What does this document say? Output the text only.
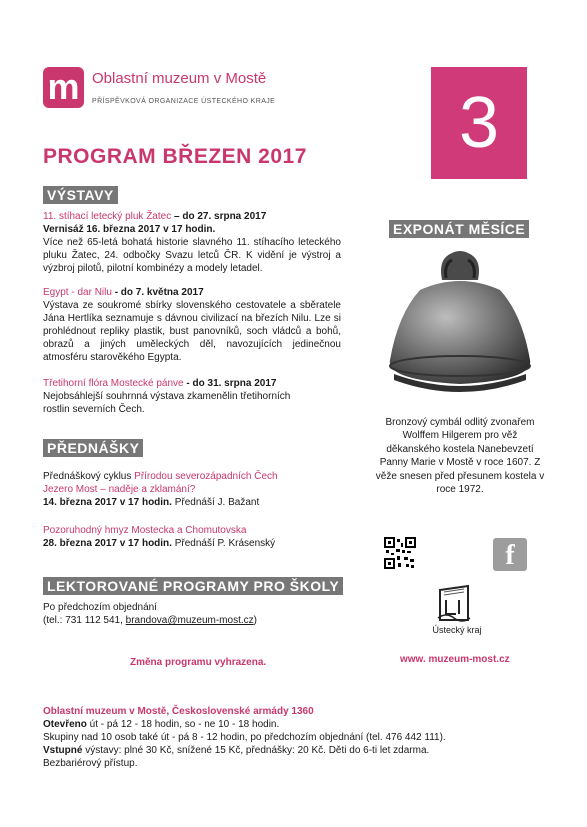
m Oblastní muzeum v Mostě
PŘÍSPĚVKOVÁ ORGANIZACE ÚSTECKÉHO KRAJE	3
PROGRAM BŘEZEN 2017
VÝSTAVY
11. stíhací letecký pluk Žatec – do 27. srpna 2017
Vernisáž 16. března 2017 v 17 hodin.
Více než 65-letá bohatá historie slavného 11. stíhacího leteckého pluku Žatec, 24. odbočky Svazu letců ČR. K vidění je výstroj a výzbroj pilotů, pilotní kombinézy a modely letadel.
Egypt - dar Nilu - do 7. května 2017
Výstava ze soukromé sbírky slovenského cestovatele a sběratele Jána Hertlíka seznamuje s dávnou civilizací na březích Nilu. Lze si prohlédnout repliky plastik, bust panovníků, soch vládců a bohů, obrazů a jiných uměleckých děl, navozujících jedinečnou atmosféru starověkého Egypta.
Třetihorní flóra Mostecké pánve - do 31. srpna 2017
Nejobsáhlejší souhrnná výstava zkamenělin třetihorních rostlin severních Čech.
PŘEDNÁŠKY
Přednáškový cyklus Přírodou severozápadních Čech
Jezero Most – naděje a zklamání?
14. března 2017 v 17 hodin. Přednáší J. Bažant
Pozoruhodný hmyz Mostecka a Chomutovska
28. března 2017 v 17 hodin. Přednáší P. Krásenský
LEKTOROVANÉ PROGRAMY PRO ŠKOLY
Po předchozím objednání
(tel.: 731 112 541, brandova@muzeum-most.cz)
Změna programu vyhrazena.
EXPONÁT MĚSÍCE
Bronzový cymbál odlitý zvonařem Wolffem Hilgerem pro věž děkanského kostela Nanebevzetí Panny Marie v Mostě v roce 1607. Z věže snesen před přesunem kostela v roce 1972.
f
Ústecký kraj
www. muzeum-most.cz
Oblastní muzeum v Mostě, Československé armády 1360
Otevřeno út - pá 12 - 18 hodin, so - ne 10 - 18 hodin.
Skupiny nad 10 osob také út - pá 8 - 12 hodin, po předchozím objednání (tel. 476 442 111).
Vstupné výstavy: plné 30 Kč, snížené 15 Kč, přednášky: 20 Kč. Děti do 6-ti let zdarma.
Bezbariérový přístup.
